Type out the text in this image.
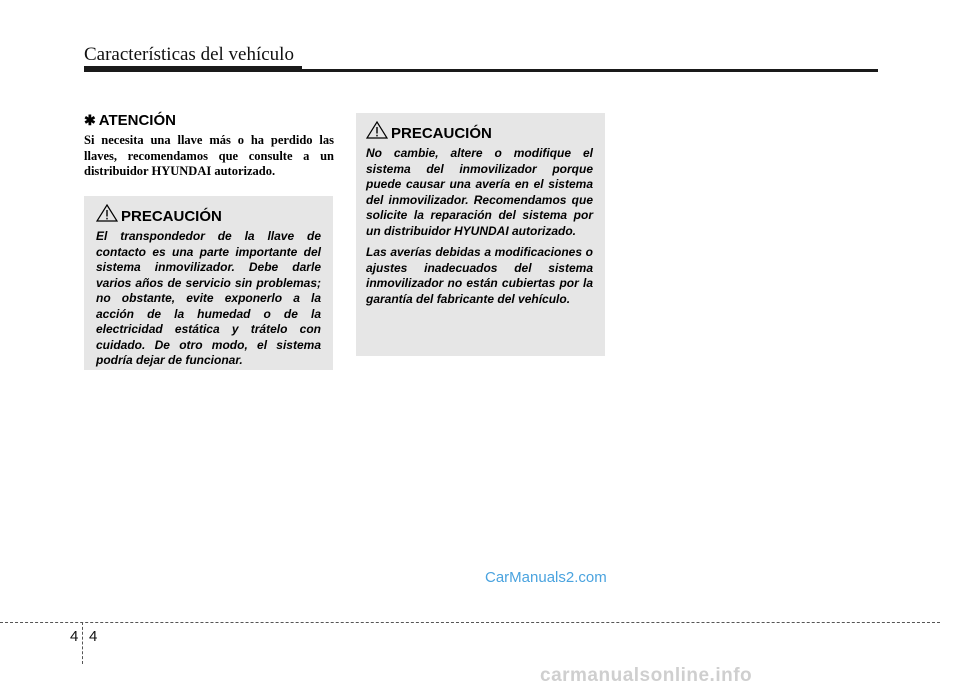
Características del vehículo
✱ ATENCIÓN

Si necesita una llave más o ha perdido las llaves, recomendamos que consulte a un distribuidor HYUNDAI autorizado.

PRECAUCIÓN

El transpondedor de la llave de contacto es una parte importante del sistema inmovilizador. Debe darle varios años de servicio sin problemas; no obstante, evite exponerlo a la acción de la humedad o de la electricidad estática y trátelo con cuidado. De otro modo, el sistema podría dejar de funcionar.

PRECAUCIÓN

No cambie, altere o modifique el sistema del inmovilizador porque puede causar una avería en el sistema del inmovilizador. Recomendamos que solicite la reparación del sistema por un distribuidor HYUNDAI autorizado.

Las averías debidas a modificaciones o ajustes inadecuados del sistema inmovilizador no están cubiertas por la garantía del fabricante del vehículo.

CarManuals2.com
4 4
carmanualsonline.info
